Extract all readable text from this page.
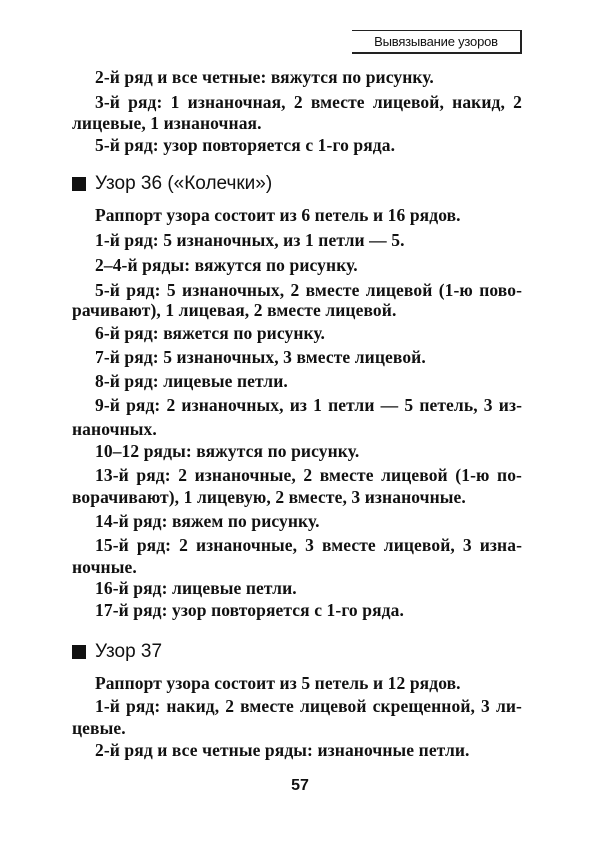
Вывязывание узоров
2-й ряд и все четные: вяжутся по рисунку.
3-й ряд: 1 изнаночная, 2 вместе лицевой, накид, 2
лицевые, 1 изнаночная.
5-й ряд: узор повторяется с 1-го ряда.
Узор 36 («Колечки»)
Раппорт узора состоит из 6 петель и 16 рядов.
1-й ряд: 5 изнаночных, из 1 петли — 5.
2–4-й ряды: вяжутся по рисунку.
5-й ряд: 5 изнаночных, 2 вместе лицевой (1-ю пово-
рачивают), 1 лицевая, 2 вместе лицевой.
6-й ряд: вяжется по рисунку.
7-й ряд: 5 изнаночных, 3 вместе лицевой.
8-й ряд: лицевые петли.
9-й ряд: 2 изнаночных, из 1 петли — 5 петель, 3 из-
наночных.
10–12 ряды: вяжутся по рисунку.
13-й ряд: 2 изнаночные, 2 вместе лицевой (1-ю по-
ворачивают), 1 лицевую, 2 вместе, 3 изнаночные.
14-й ряд: вяжем по рисунку.
15-й ряд: 2 изнаночные, 3 вместе лицевой, 3 изна-
ночные.
16-й ряд: лицевые петли.
17-й ряд: узор повторяется с 1-го ряда.
Узор 37
Раппорт узора состоит из 5 петель и 12 рядов.
1-й ряд: накид, 2 вместе лицевой скрещенной, 3 ли-
цевые.
2-й ряд и все четные ряды: изнаночные петли.
57
